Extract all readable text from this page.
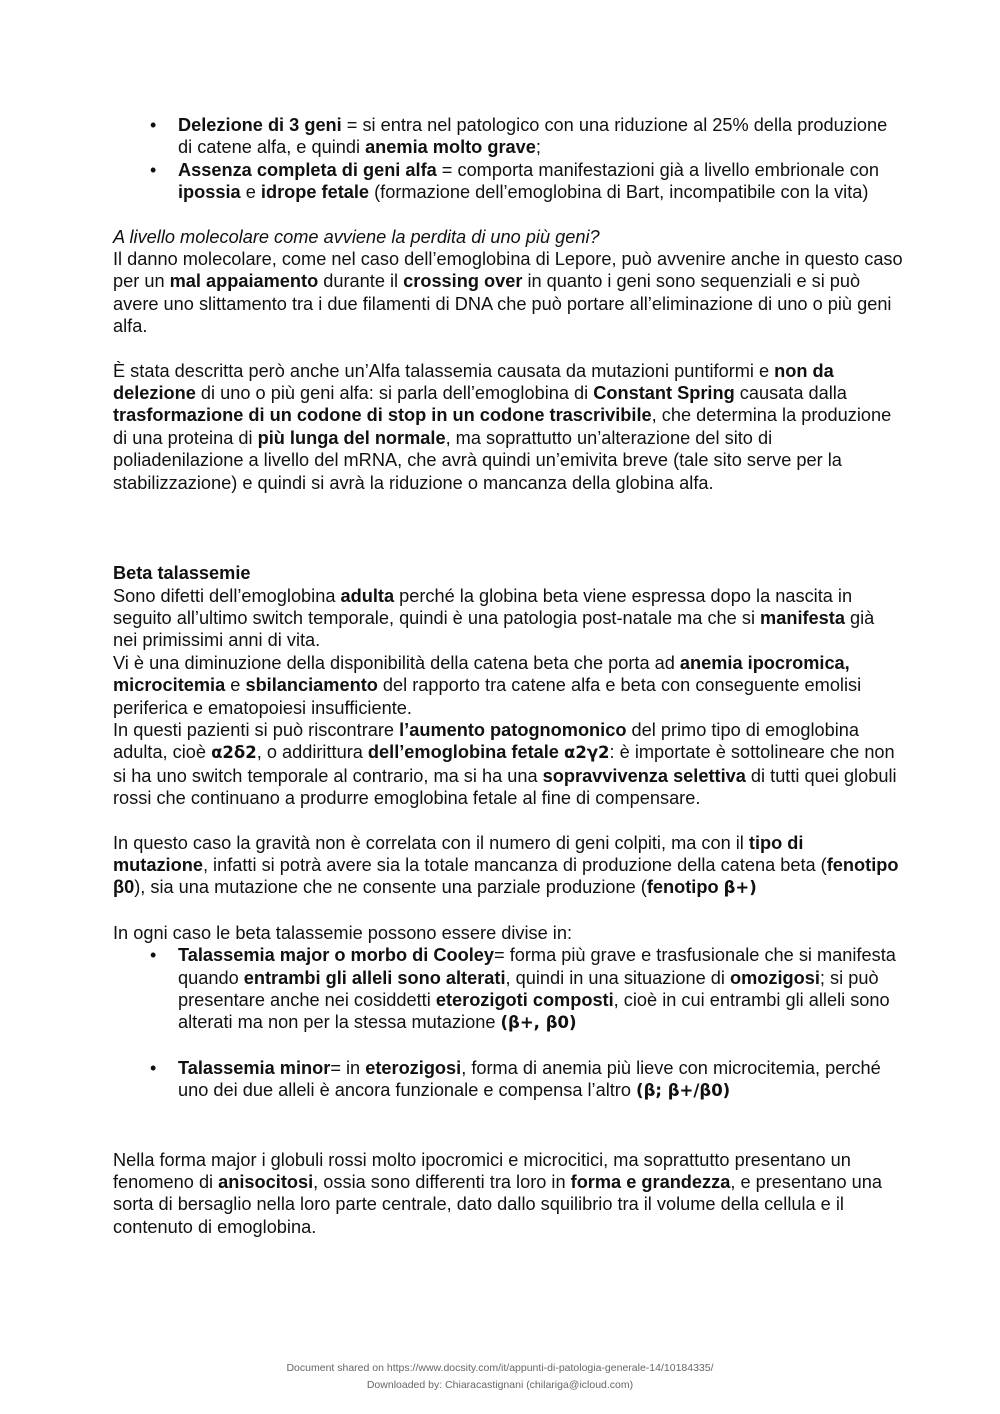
• Delezione di 3 geni = si entra nel patologico con una riduzione al 25% della produzione di catene alfa, e quindi anemia molto grave;
• Assenza completa di geni alfa = comporta manifestazioni già a livello embrionale con ipossia e idrope fetale (formazione dell’emoglobina di Bart, incompatibile con la vita)

A livello molecolare come avviene la perdita di uno più geni?

Il danno molecolare, come nel caso dell’emoglobina di Lepore, può avvenire anche in questo caso per un mal appaiamento durante il crossing over in quanto i geni sono sequenziali e si può avere uno slittamento tra i due filamenti di DNA che può portare all’eliminazione di uno o più geni alfa.

È stata descritta però anche un’Alfa talassemia causata da mutazioni puntiformi e non da delezione di uno o più geni alfa: si parla dell’emoglobina di Constant Spring causata dalla trasformazione di un codone di stop in un codone trascrivibile, che determina la produzione di una proteina di più lunga del normale, ma soprattutto un’alterazione del sito di poliadenilazione a livello del mRNA, che avrà quindi un’emivita breve (tale sito serve per la stabilizzazione) e quindi si avrà la riduzione o mancanza della globina alfa.

Beta talassemie

Sono difetti dell’emoglobina adulta perché la globina beta viene espressa dopo la nascita in seguito all’ultimo switch temporale, quindi è una patologia post-natale ma che si manifesta già nei primissimi anni di vita.

Vi è una diminuzione della disponibilità della catena beta che porta ad anemia ipocromica, microcitemia e sbilanciamento del rapporto tra catene alfa e beta con conseguente emolisi periferica e ematopoiesi insufficiente.

In questi pazienti si può riscontrare l’aumento patognomonico del primo tipo di emoglobina adulta, cioè α2δ2, o addirittura dell’emoglobina fetale α2γ2: è importate è sottolineare che non si ha uno switch temporale al contrario, ma si ha una sopravvivenza selettiva di tutti quei globuli rossi che continuano a produrre emoglobina fetale al fine di compensare.

In questo caso la gravità non è correlata con il numero di geni colpiti, ma con il tipo di mutazione, infatti si potrà avere sia la totale mancanza di produzione della catena beta (fenotipo β0), sia una mutazione che ne consente una parziale produzione (fenotipo β+)

In ogni caso le beta talassemie possono essere divise in:

• Talassemia major o morbo di Cooley= forma più grave e trasfusionale che si manifesta quando entrambi gli alleli sono alterati, quindi in una situazione di omozigosi; si può presentare anche nei cosiddetti eterozigoti composti, cioè in cui entrambi gli alleli sono alterati ma non per la stessa mutazione (β+, β0)
• Talassemia minor= in eterozigosi, forma di anemia più lieve con microcitemia, perché uno dei due alleli è ancora funzionale e compensa l’altro (β; β+/β0)

Nella forma major i globuli rossi molto ipocromici e microcitici, ma soprattutto presentano un fenomeno di anisocitosi, ossia sono differenti tra loro in forma e grandezza, e presentano una sorta di bersaglio nella loro parte centrale, dato dallo squilibrio tra il volume della cellula e il contenuto di emoglobina.

Document shared on https://www.docsity.com/it/appunti-di-patologia-generale-14/10184335/
Downloaded by: Chiaracastignani (chilariga@icloud.com)
